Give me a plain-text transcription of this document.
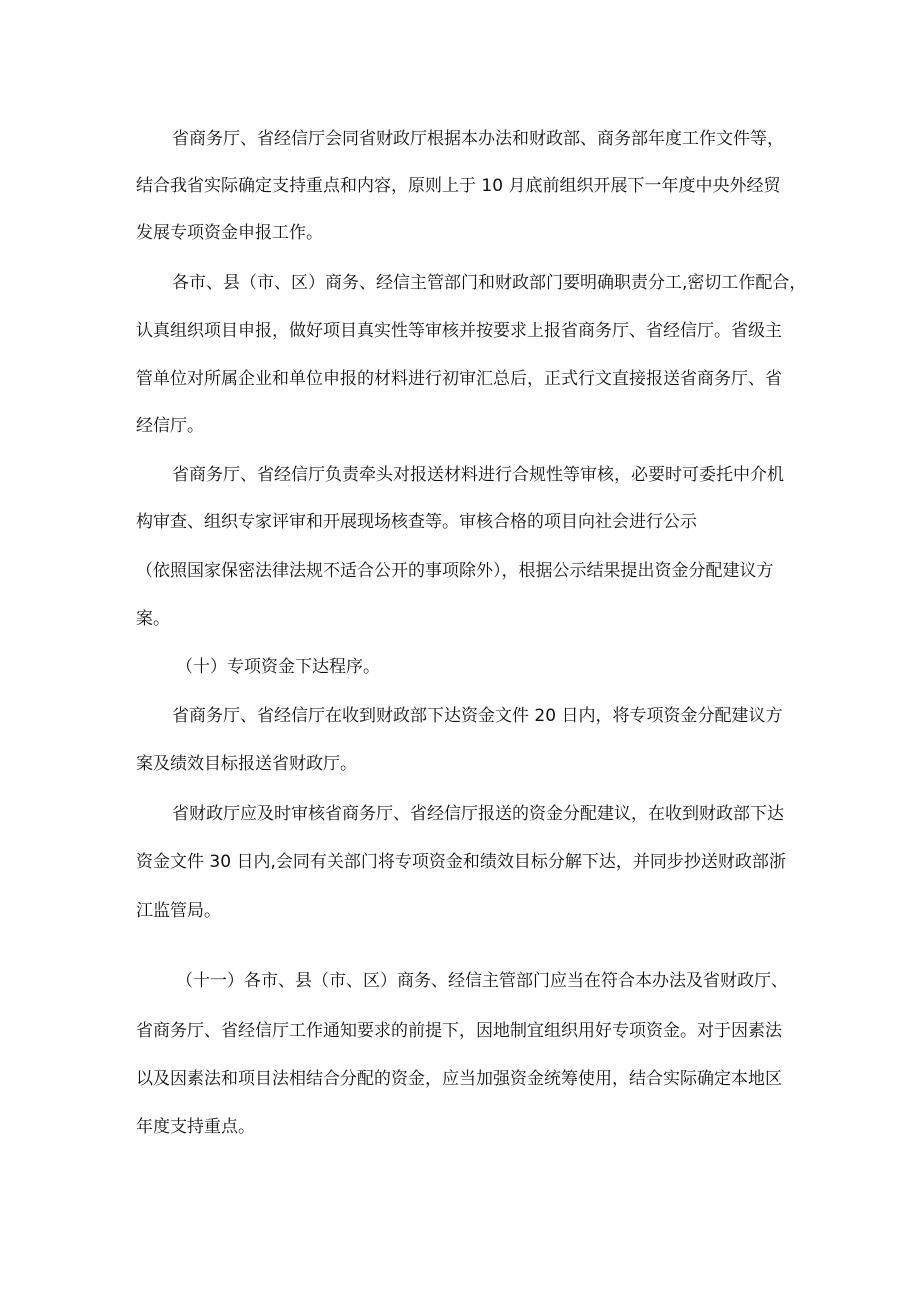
省商务厅、省经信厅会同省财政厅根据本办法和财政部、商务部年度工作文件等，

结合我省实际确定支持重点和内容，原则上于 10 月底前组织开展下一年度中央外经贸

发展专项资金申报工作。

各市、县（市、区）商务、经信主管部门和财政部门要明确职责分工,密切工作配合，

认真组织项目申报，做好项目真实性等审核并按要求上报省商务厅、省经信厅。省级主

管单位对所属企业和单位申报的材料进行初审汇总后，正式行文直接报送省商务厅、省

经信厅。

省商务厅、省经信厅负责牵头对报送材料进行合规性等审核，必要时可委托中介机

构审查、组织专家评审和开展现场核查等。审核合格的项目向社会进行公示

（依照国家保密法律法规不适合公开的事项除外），根据公示结果提出资金分配建议方

案。

（十）专项资金下达程序。

省商务厅、省经信厅在收到财政部下达资金文件 20 日内，将专项资金分配建议方

案及绩效目标报送省财政厅。

省财政厅应及时审核省商务厅、省经信厅报送的资金分配建议，在收到财政部下达

资金文件 30 日内,会同有关部门将专项资金和绩效目标分解下达，并同步抄送财政部浙

江监管局。

（十一）各市、县（市、区）商务、经信主管部门应当在符合本办法及省财政厅、

省商务厅、省经信厅工作通知要求的前提下，因地制宜组织用好专项资金。对于因素法

以及因素法和项目法相结合分配的资金，应当加强资金统筹使用，结合实际确定本地区

年度支持重点。
